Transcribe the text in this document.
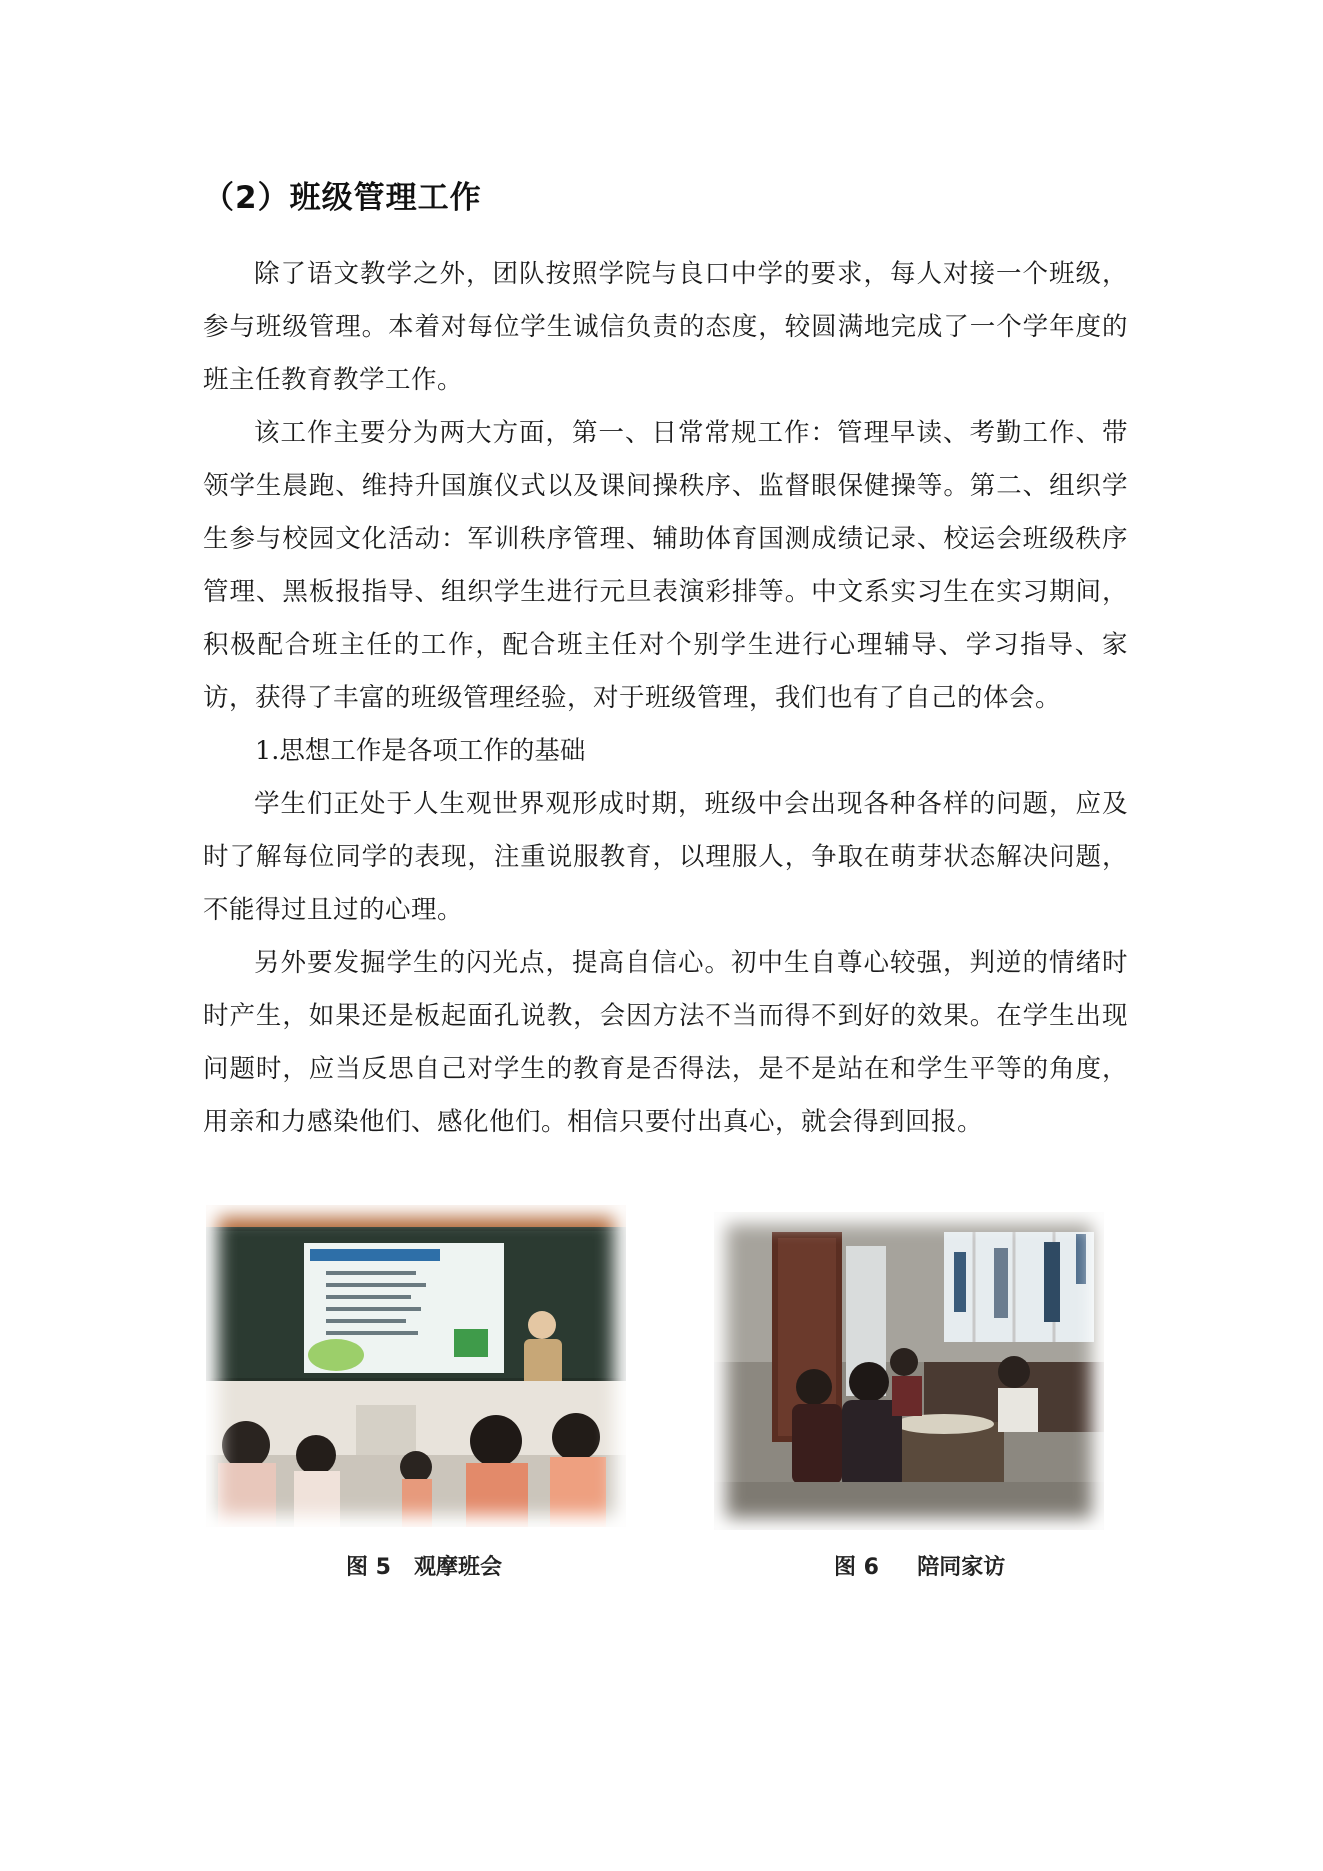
（2）班级管理工作

除了语文教学之外，团队按照学院与良口中学的要求，每人对接一个班级，参与班级管理。本着对每位学生诚信负责的态度，较圆满地完成了一个学年度的班主任教育教学工作。

该工作主要分为两大方面，第一、日常常规工作：管理早读、考勤工作、带领学生晨跑、维持升国旗仪式以及课间操秩序、监督眼保健操等。第二、组织学生参与校园文化活动：军训秩序管理、辅助体育国测成绩记录、校运会班级秩序管理、黑板报指导、组织学生进行元旦表演彩排等。中文系实习生在实习期间，积极配合班主任的工作，配合班主任对个别学生进行心理辅导、学习指导、家访，获得了丰富的班级管理经验，对于班级管理，我们也有了自己的体会。

1.思想工作是各项工作的基础

学生们正处于人生观世界观形成时期，班级中会出现各种各样的问题，应及时了解每位同学的表现，注重说服教育，以理服人，争取在萌芽状态解决问题，不能得过且过的心理。

另外要发掘学生的闪光点，提高自信心。初中生自尊心较强，判逆的情绪时时产生，如果还是板起面孔说教，会因方法不当而得不到好的效果。在学生出现问题时，应当反思自己对学生的教育是否得法，是不是站在和学生平等的角度，用亲和力感染他们、感化他们。相信只要付出真心，就会得到回报。

图 5   观摩班会	图 6     陪同家访
